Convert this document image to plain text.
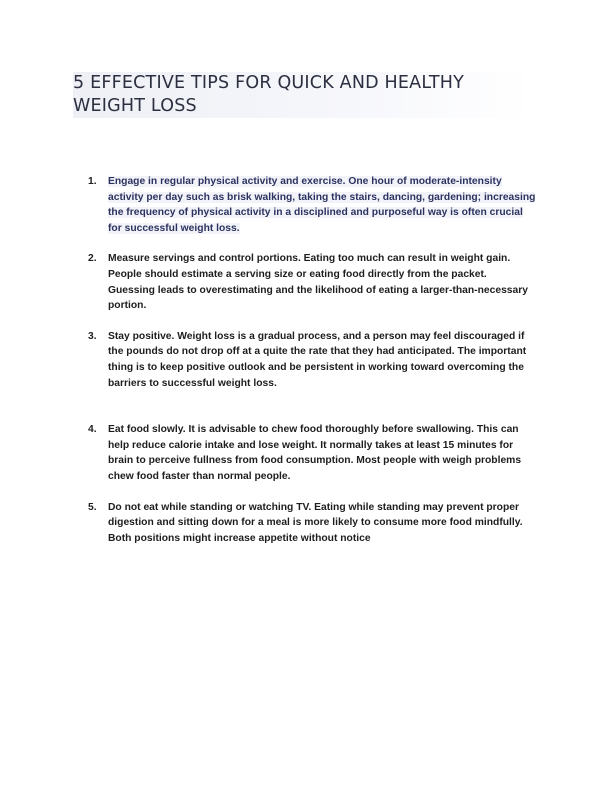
5 EFFECTIVE TIPS FOR QUICK AND HEALTHY WEIGHT LOSS
1. Engage in regular physical activity and exercise. One hour of moderate-intensity activity per day such as brisk walking, taking the stairs, dancing, gardening; increasing the frequency of physical activity in a disciplined and purposeful way is often crucial for successful weight loss.
2. Measure servings and control portions. Eating too much can result in weight gain. People should estimate a serving size or eating food directly from the packet. Guessing leads to overestimating and the likelihood of eating a larger-than-necessary portion.
3. Stay positive. Weight loss is a gradual process, and a person may feel discouraged if the pounds do not drop off at a quite the rate that they had anticipated. The important thing is to keep positive outlook and be persistent in working toward overcoming the barriers to successful weight loss.
4. Eat food slowly. It is advisable to chew food thoroughly before swallowing. This can help reduce calorie intake and lose weight. It normally takes at least 15 minutes for brain to perceive fullness from food consumption. Most people with weigh problems chew food faster than normal people.
5. Do not eat while standing or watching TV. Eating while standing may prevent proper digestion and sitting down for a meal is more likely to consume more food mindfully. Both positions might increase appetite without notice
